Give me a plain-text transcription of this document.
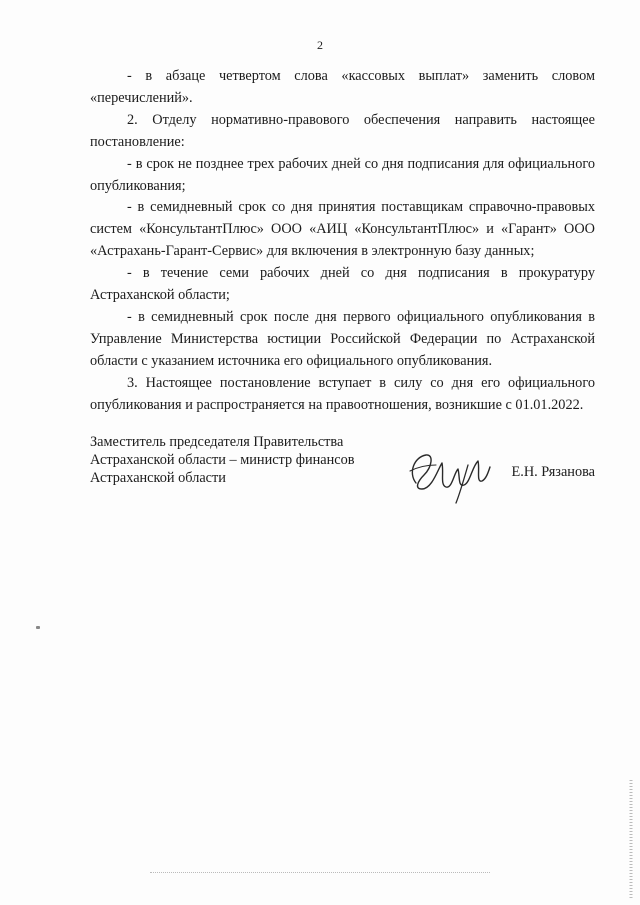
2

- в абзаце четвертом слова «кассовых выплат» заменить словом «перечислений».

2. Отделу нормативно-правового обеспечения направить настоящее постановление:

- в срок не позднее трех рабочих дней со дня подписания для официального опубликования;

- в семидневный срок со дня принятия поставщикам справочно-правовых систем «КонсультантПлюс» ООО «АИЦ «КонсультантПлюс» и «Гарант» ООО «Астрахань-Гарант-Сервис» для включения в электронную базу данных;

- в течение семи рабочих дней со дня подписания в прокуратуру Астраханской области;

- в семидневный срок после дня первого официального опубликования в Управление Министерства юстиции Российской Федерации по Астраханской области с указанием источника его официального опубликования.

3. Настоящее постановление вступает в силу со дня его официального опубликования и распространяется на правоотношения, возникшие с 01.01.2022.

Заместитель председателя Правительства
Астраханской области – министр финансов
Астраханской области	Е.Н. Рязанова
